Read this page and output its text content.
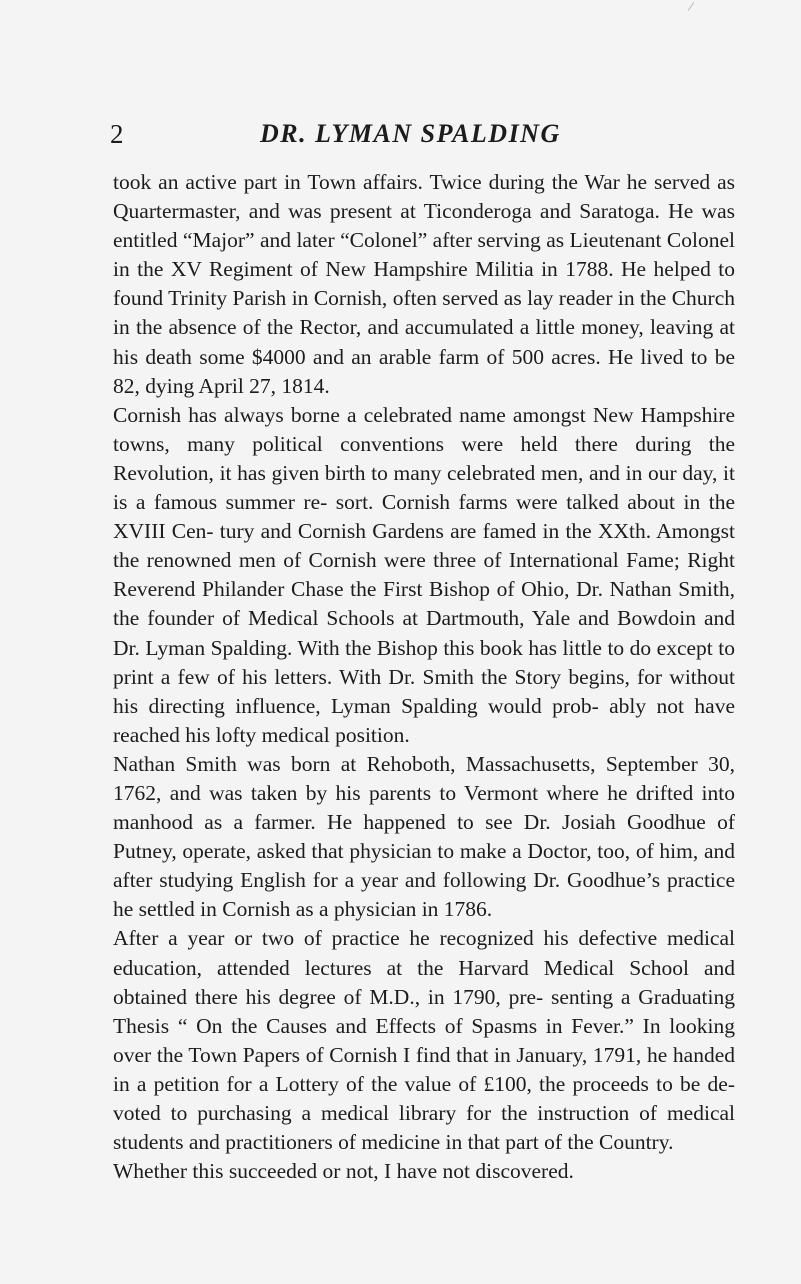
2	DR. LYMAN SPALDING

took an active part in Town affairs. Twice during the War he served as Quartermaster, and was present at Ticonderoga and Saratoga. He was entitled “Major” and later “Colonel” after serving as Lieutenant Colonel in the XV Regiment of New Hampshire Militia in 1788. He helped to found Trinity Parish in Cornish, often served as lay reader in the Church in the absence of the Rector, and accumulated a little money, leaving at his death some $4000 and an arable farm of 500 acres. He lived to be 82, dying April 27, 1814.

Cornish has always borne a celebrated name amongst New Hampshire towns, many political conventions were held there during the Revolution, it has given birth to many celebrated men, and in our day, it is a famous summer re- sort. Cornish farms were talked about in the XVIII Cen- tury and Cornish Gardens are famed in the XXth. Amongst the renowned men of Cornish were three of International Fame; Right Reverend Philander Chase the First Bishop of Ohio, Dr. Nathan Smith, the founder of Medical Schools at Dartmouth, Yale and Bowdoin and Dr. Lyman Spalding. With the Bishop this book has little to do except to print a few of his letters. With Dr. Smith the Story begins, for without his directing influence, Lyman Spalding would prob- ably not have reached his lofty medical position.

Nathan Smith was born at Rehoboth, Massachusetts, September 30, 1762, and was taken by his parents to Vermont where he drifted into manhood as a farmer. He happened to see Dr. Josiah Goodhue of Putney, operate, asked that physician to make a Doctor, too, of him, and after studying English for a year and following Dr. Goodhue’s practice he settled in Cornish as a physician in 1786.

After a year or two of practice he recognized his defective medical education, attended lectures at the Harvard Medical School and obtained there his degree of M.D., in 1790, pre- senting a Graduating Thesis “ On the Causes and Effects of Spasms in Fever.” In looking over the Town Papers of Cornish I find that in January, 1791, he handed in a petition for a Lottery of the value of £100, the proceeds to be de- voted to purchasing a medical library for the instruction of medical students and practitioners of medicine in that part of the Country.

Whether this succeeded or not, I have not discovered.
